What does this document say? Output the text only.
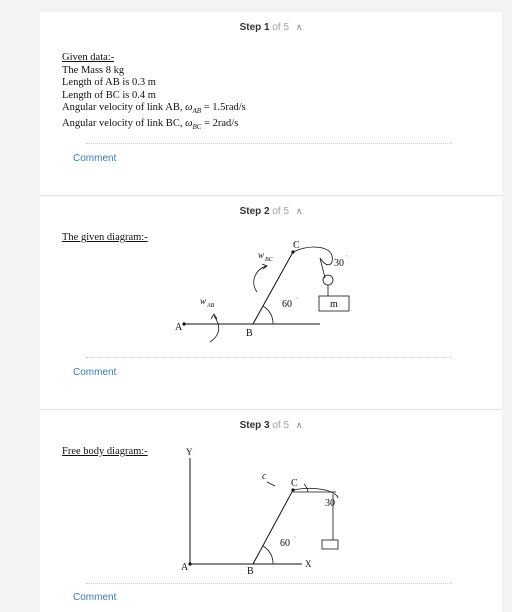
Step 1 of 5 ∧
Given data:-
The Mass 8 kg
Length of AB is 0.3 m
Length of BC is 0.4 m
Angular velocity of link AB, $\omega_{AB} = 1.5rad/s$
Angular velocity of link BC, $\omega_{BC} = 2rad/s$
Comment
Step 2 of 5 ∧
The given diagram:-
A
B
C
60 `	m
30 `
w BC
w AB
Comment
Step 3 of 5 ∧
Free body diagram:-	Y
X
A	B
C
60 `
30 `
c
Comment
